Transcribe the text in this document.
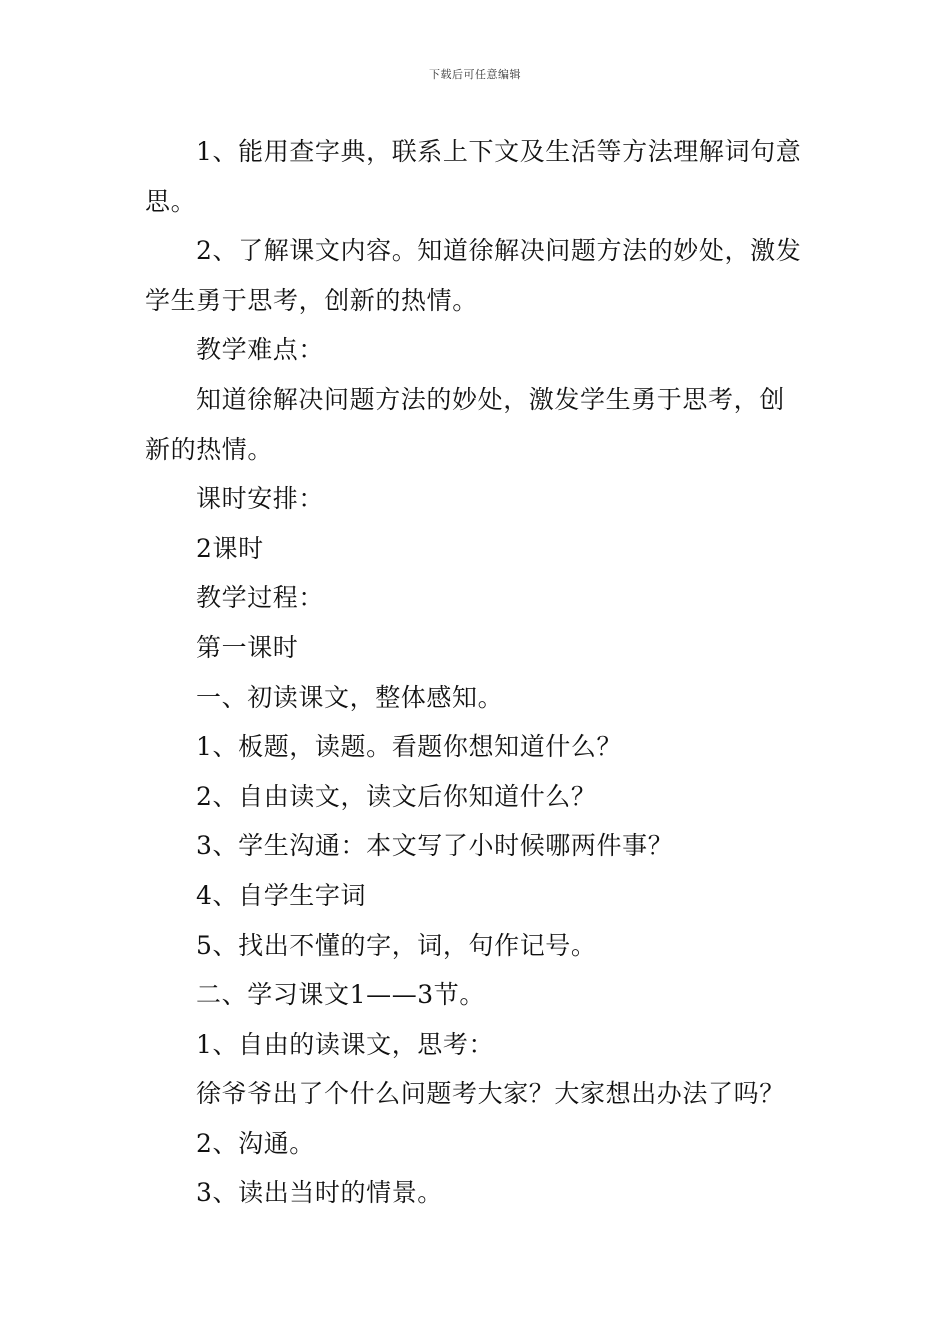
下载后可任意编辑

1、能用查字典，联系上下文及生活等方法理解词句意思。

2、了解课文内容。知道徐解决问题方法的妙处，激发学生勇于思考，创新的热情。

教学难点：

知道徐解决问题方法的妙处，激发学生勇于思考，创新的热情。

课时安排：

2课时

教学过程：

第一课时

一、初读课文，整体感知。

1、板题，读题。看题你想知道什么？

2、自由读文，读文后你知道什么？

3、学生沟通：本文写了小时候哪两件事？

4、自学生字词

5、找出不懂的字，词，句作记号。

二、学习课文1——3节。

1、自由的读课文，思考：

徐爷爷出了个什么问题考大家？大家想出办法了吗？

2、沟通。

3、读出当时的情景。
